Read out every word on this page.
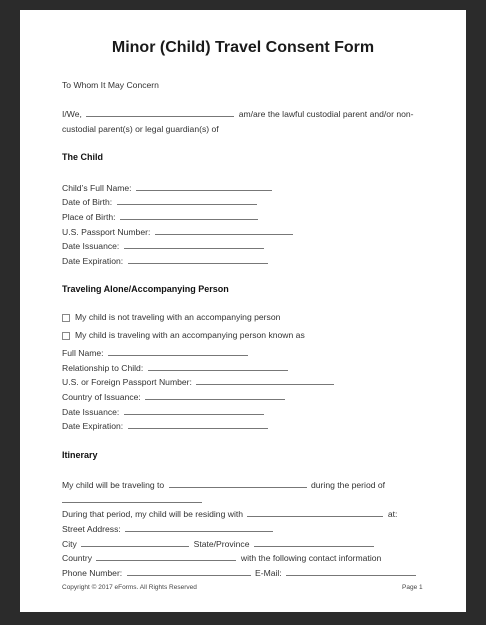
Minor (Child) Travel Consent Form
To Whom It May Concern
I/We,	am/are the lawful custodial parent and/or non-
custodial parent(s) or legal guardian(s) of
The Child
Child’s Full Name:
Date of Birth:
Place of Birth:
U.S. Passport Number:
Date Issuance:
Date Expiration:
Traveling Alone/Accompanying Person
My child is not traveling with an accompanying person
My child is traveling with an accompanying person known as
Full Name:
Relationship to Child:
U.S. or Foreign Passport Number:
Country of Issuance:
Date Issuance:
Date Expiration:
Itinerary
My child will be traveling to	during the period of
During that period, my child will be residing with	at:
Street Address:
City	State/Province
Country	with the following contact information
Phone Number:	E-Mail:
Copyright © 2017 eForms. All Rights Reserved	Page 1
